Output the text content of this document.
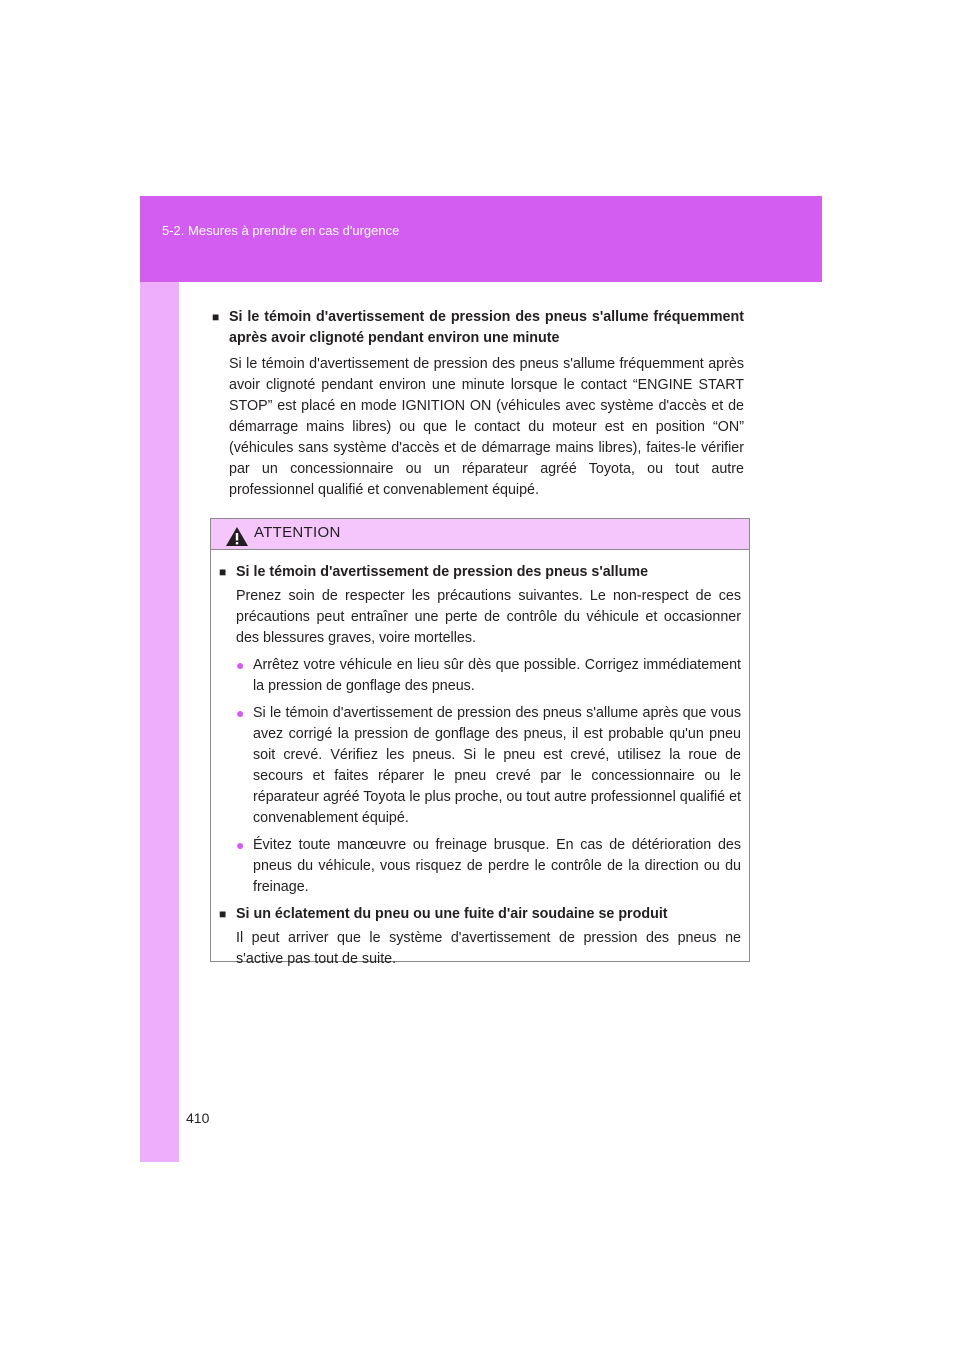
5-2. Mesures à prendre en cas d'urgence
410
■ Si le témoin d'avertissement de pression des pneus s'allume fréquemment après avoir clignoté pendant environ une minute
Si le témoin d'avertissement de pression des pneus s'allume fréquemment après avoir clignoté pendant environ une minute lorsque le contact “ENGINE START STOP” est placé en mode IGNITION ON (véhicules avec système d'accès et de démarrage mains libres) ou que le contact du moteur est en position “ON” (véhicules sans système d'accès et de démarrage mains libres), faites-le vérifier par un concessionnaire ou un réparateur agréé Toyota, ou tout autre professionnel qualifié et convenablement équipé.
ATTENTION
■ Si le témoin d'avertissement de pression des pneus s'allume
Prenez soin de respecter les précautions suivantes. Le non-respect de ces précautions peut entraîner une perte de contrôle du véhicule et occasionner des blessures graves, voire mortelles.
● Arrêtez votre véhicule en lieu sûr dès que possible. Corrigez immédiatement la pression de gonflage des pneus.
● Si le témoin d'avertissement de pression des pneus s'allume après que vous avez corrigé la pression de gonflage des pneus, il est probable qu'un pneu soit crevé. Vérifiez les pneus. Si le pneu est crevé, utilisez la roue de secours et faites réparer le pneu crevé par le concessionnaire ou le réparateur agréé Toyota le plus proche, ou tout autre professionnel qualifié et convenablement équipé.
● Évitez toute manœuvre ou freinage brusque. En cas de détérioration des pneus du véhicule, vous risquez de perdre le contrôle de la direction ou du freinage.
■ Si un éclatement du pneu ou une fuite d'air soudaine se produit
Il peut arriver que le système d'avertissement de pression des pneus ne s'active pas tout de suite.
